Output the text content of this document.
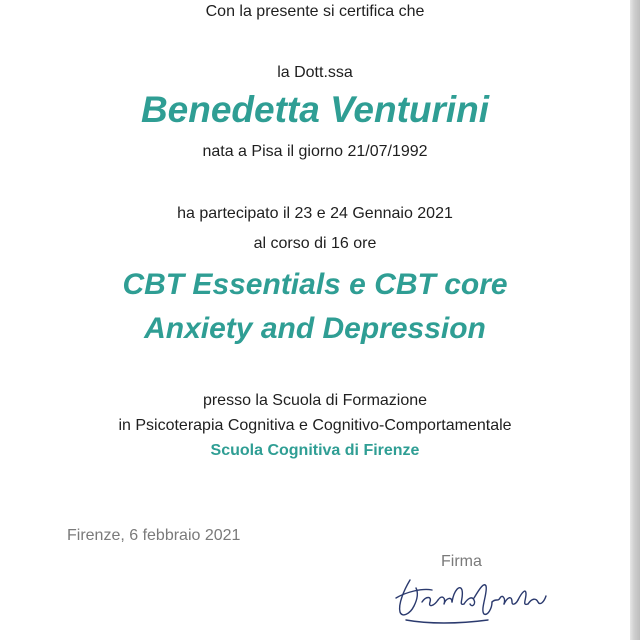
Con la presente si certifica che
la Dott.ssa
Benedetta Venturini
nata a Pisa il giorno 21/07/1992
ha partecipato il 23 e 24 Gennaio 2021
al corso di 16 ore
CBT Essentials e CBT core
Anxiety and Depression
presso la Scuola di Formazione
in Psicoterapia Cognitiva e Cognitivo-Comportamentale
Scuola Cognitiva di Firenze
Firenze, 6 febbraio 2021
Firma
